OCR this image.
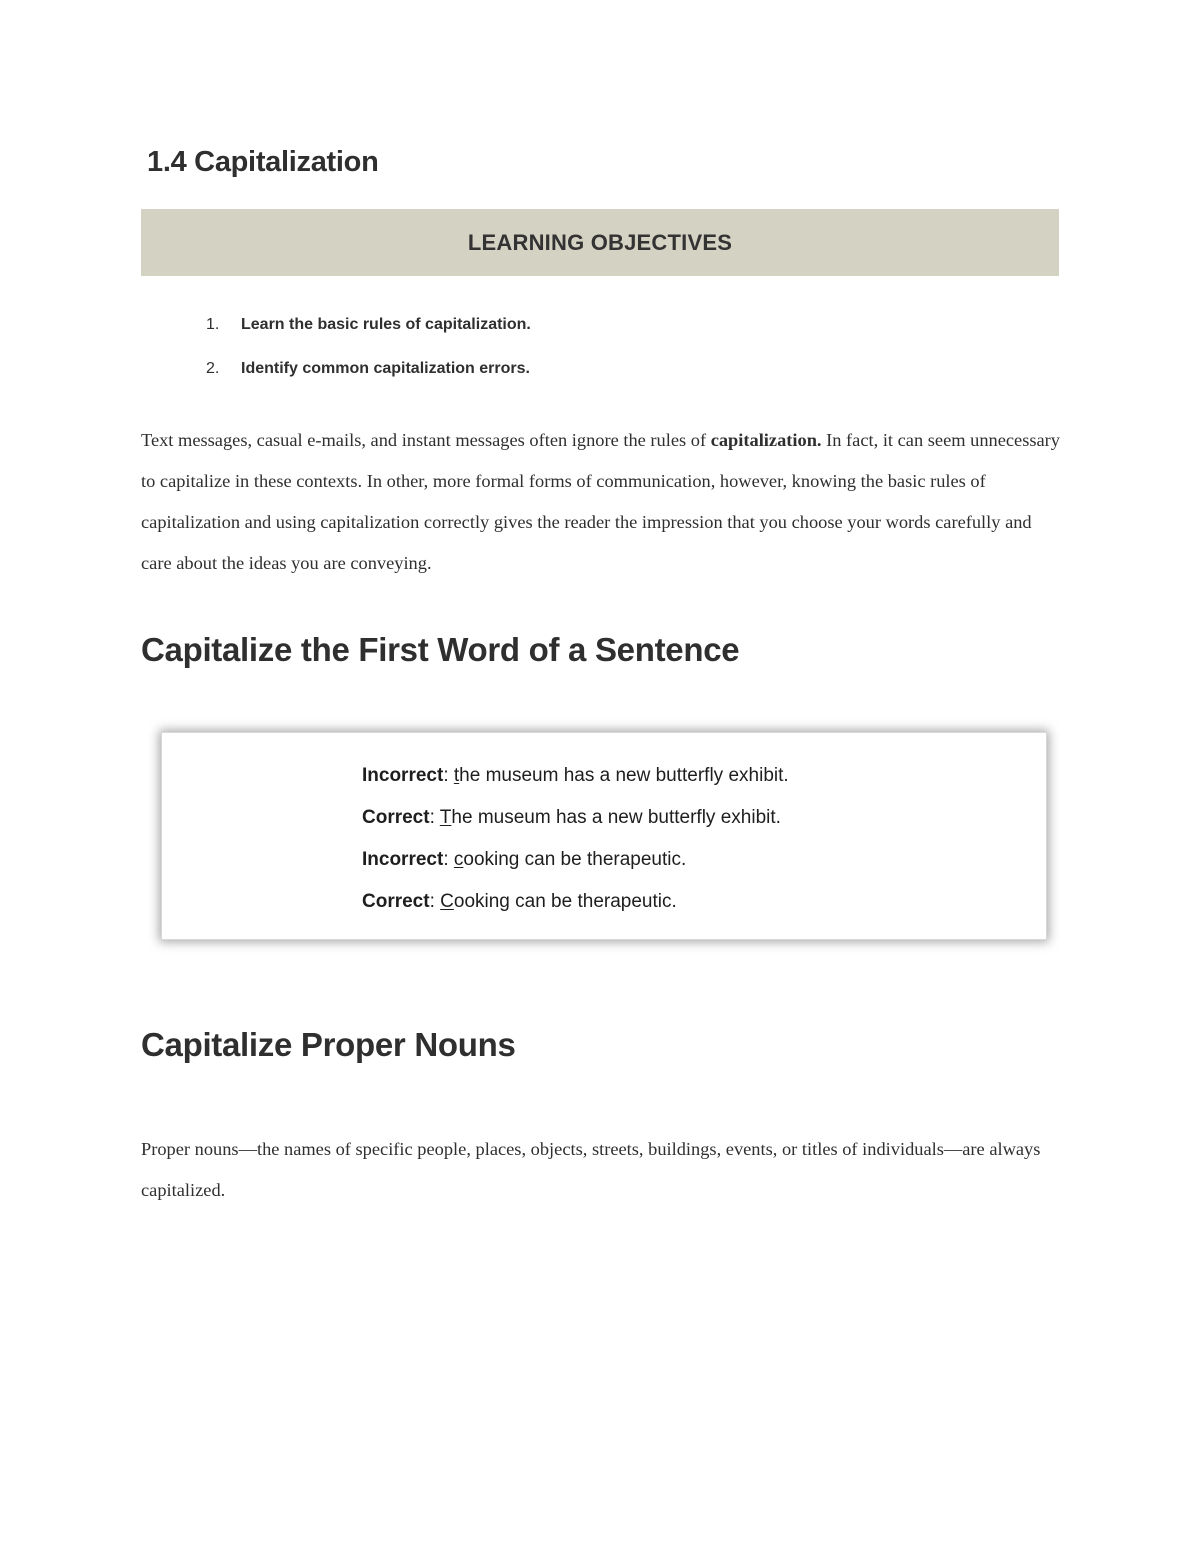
1.4 Capitalization
LEARNING OBJECTIVES
1.	Learn the basic rules of capitalization.
2.	Identify common capitalization errors.

Text messages, casual e-mails, and instant messages often ignore the rules of capitalization. In fact, it can seem unnecessary to capitalize in these contexts. In other, more formal forms of communication, however, knowing the basic rules of capitalization and using capitalization correctly gives the reader the impression that you choose your words carefully and care about the ideas you are conveying.

Capitalize the First Word of a Sentence
Incorrect: the museum has a new butterfly exhibit.
Correct: The museum has a new butterfly exhibit.
Incorrect: cooking can be therapeutic.
Correct: Cooking can be therapeutic.
Capitalize Proper Nouns

Proper nouns—the names of specific people, places, objects, streets, buildings, events, or titles of individuals—are always capitalized.
